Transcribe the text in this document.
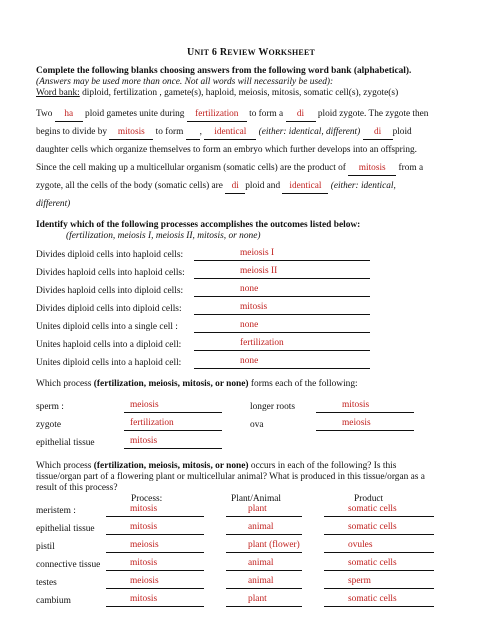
UNIT 6 REVIEW WORKSHEET
Complete the following blanks choosing answers from the following word bank (alphabetical).
(Answers may be used more than once. Not all words will necessarily be used):
Word bank: diploid, fertilization , gamete(s), haploid, meiosis, mitosis, somatic cell(s), zygote(s)
Two ha ploid gametes unite during fertilization to form a di ploid zygote. The zygote then
begins to divide by mitosis to form , identical (either: identical, different) di ploid
daughter cells which organize themselves to form an embryo which further develops into an offspring.
Since the cell making up a multicellular organism (somatic cells) are the product of mitosis from a
zygote, all the cells of the body (somatic cells) are di ploid and identical (either: identical,
different)
Identify which of the following processes accomplishes the outcomes listed below:
(fertilization, meiosis I, meiosis II, mitosis, or none)
Divides diploid cells into haploid cells:	meiosis I
Divides haploid cells into haploid cells:	meiosis II
Divides haploid cells into diploid cells:	none
Divides diploid cells into diploid cells:	mitosis
Unites diploid cells into a single cell :	none
Unites haploid cells into a diploid cell:	fertilization
Unites diploid cells into a haploid cell:	none
Which process (fertilization, meiosis, mitosis, or none) forms each of the following:
sperm :	meiosis
zygote	fertilization
epithelial tissue	mitosis
longer roots	mitosis
ova	meiosis
Which process (fertilization, meiosis, mitosis, or none) occurs in each of the following? Is this
tissue/organ part of a flowering plant or multicellular animal? What is produced in this tissue/organ as a
result of this process?
Process:	Plant/Animal	Product
meristem :	mitosis	plant	somatic cells
epithelial tissue	mitosis	animal	somatic cells
pistil	meiosis	plant (flower)	ovules
connective tissue	mitosis	animal	somatic cells
testes	meiosis	animal	sperm
cambium	mitosis	plant	somatic cells
